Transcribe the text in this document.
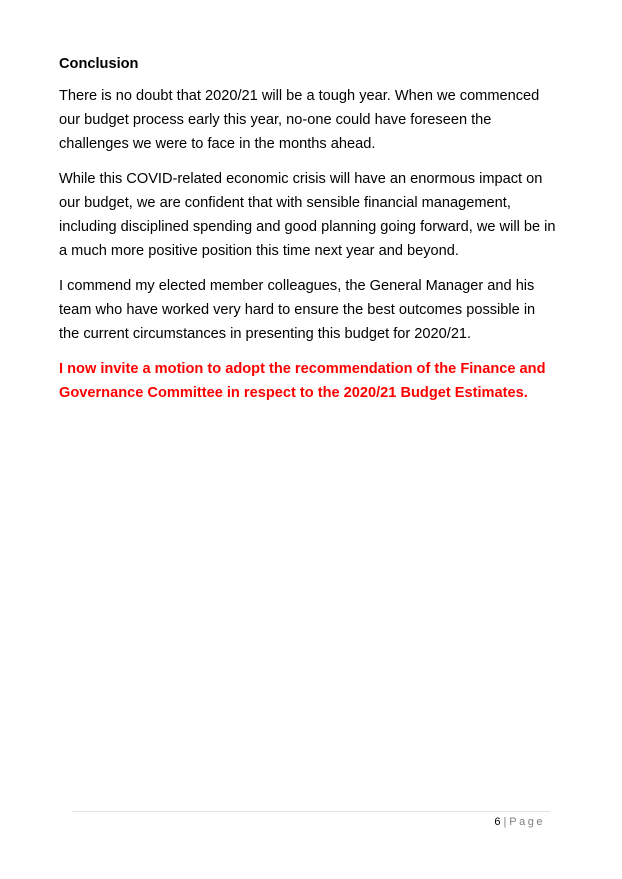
Conclusion

There is no doubt that 2020/21 will be a tough year. When we commenced our budget process early this year, no-one could have foreseen the challenges we were to face in the months ahead.

While this COVID-related economic crisis will have an enormous impact on our budget, we are confident that with sensible financial management, including disciplined spending and good planning going forward, we will be in a much more positive position this time next year and beyond.

I commend my elected member colleagues, the General Manager and his team who have worked very hard to ensure the best outcomes possible in the current circumstances in presenting this budget for 2020/21.

I now invite a motion to adopt the recommendation of the Finance and Governance Committee in respect to the 2020/21 Budget Estimates.

6 | Page
